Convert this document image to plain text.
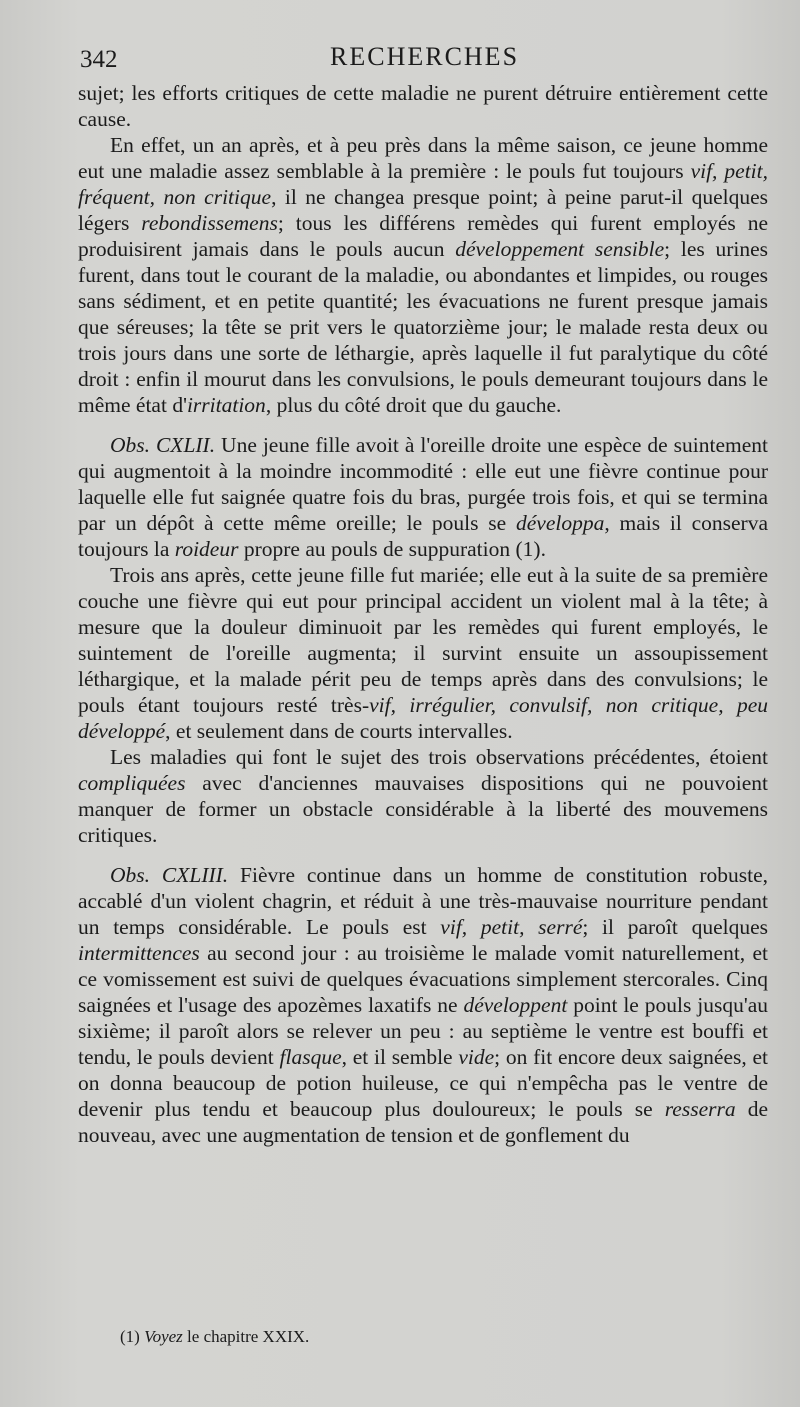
342	RECHERCHES

sujet; les efforts critiques de cette maladie ne purent détruire entièrement cette cause.

En effet, un an après, et à peu près dans la même saison, ce jeune homme eut une maladie assez semblable à la première : le pouls fut toujours vif, petit, fréquent, non critique, il ne changea presque point; à peine parut-il quelques légers rebondissemens; tous les différens remèdes qui furent employés ne produisirent jamais dans le pouls aucun développement sensible; les urines furent, dans tout le courant de la maladie, ou abondantes et limpides, ou rouges sans sédiment, et en petite quantité; les évacuations ne furent presque jamais que séreuses; la tête se prit vers le quatorzième jour; le malade resta deux ou trois jours dans une sorte de léthargie, après laquelle il fut paralytique du côté droit : enfin il mourut dans les convulsions, le pouls demeurant toujours dans le même état d'irritation, plus du côté droit que du gauche.

Obs. CXLII. Une jeune fille avoit à l'oreille droite une espèce de suintement qui augmentoit à la moindre incommodité : elle eut une fièvre continue pour laquelle elle fut saignée quatre fois du bras, purgée trois fois, et qui se termina par un dépôt à cette même oreille; le pouls se développa, mais il conserva toujours la roideur propre au pouls de suppuration (1).

Trois ans après, cette jeune fille fut mariée; elle eut à la suite de sa première couche une fièvre qui eut pour principal accident un violent mal à la tête; à mesure que la douleur diminuoit par les remèdes qui furent employés, le suintement de l'oreille augmenta; il survint ensuite un assoupissement léthargique, et la malade périt peu de temps après dans des convulsions; le pouls étant toujours resté très-vif, irrégulier, convulsif, non critique, peu développé, et seulement dans de courts intervalles.

Les maladies qui font le sujet des trois observations précédentes, étoient compliquées avec d'anciennes mauvaises dispositions qui ne pouvoient manquer de former un obstacle considérable à la liberté des mouvemens critiques.

Obs. CXLIII. Fièvre continue dans un homme de constitution robuste, accablé d'un violent chagrin, et réduit à une très-mauvaise nourriture pendant un temps considérable. Le pouls est vif, petit, serré; il paroît quelques intermittences au second jour : au troisième le malade vomit naturellement, et ce vomissement est suivi de quelques évacuations simplement stercorales. Cinq saignées et l'usage des apozèmes laxatifs ne développent point le pouls jusqu'au sixième; il paroît alors se relever un peu : au septième le ventre est bouffi et tendu, le pouls devient flasque, et il semble vide; on fit encore deux saignées, et on donna beaucoup de potion huileuse, ce qui n'empêcha pas le ventre de devenir plus tendu et beaucoup plus douloureux; le pouls se resserra de nouveau, avec une augmentation de tension et de gonflement du

(1) Voyez le chapitre XXIX.
